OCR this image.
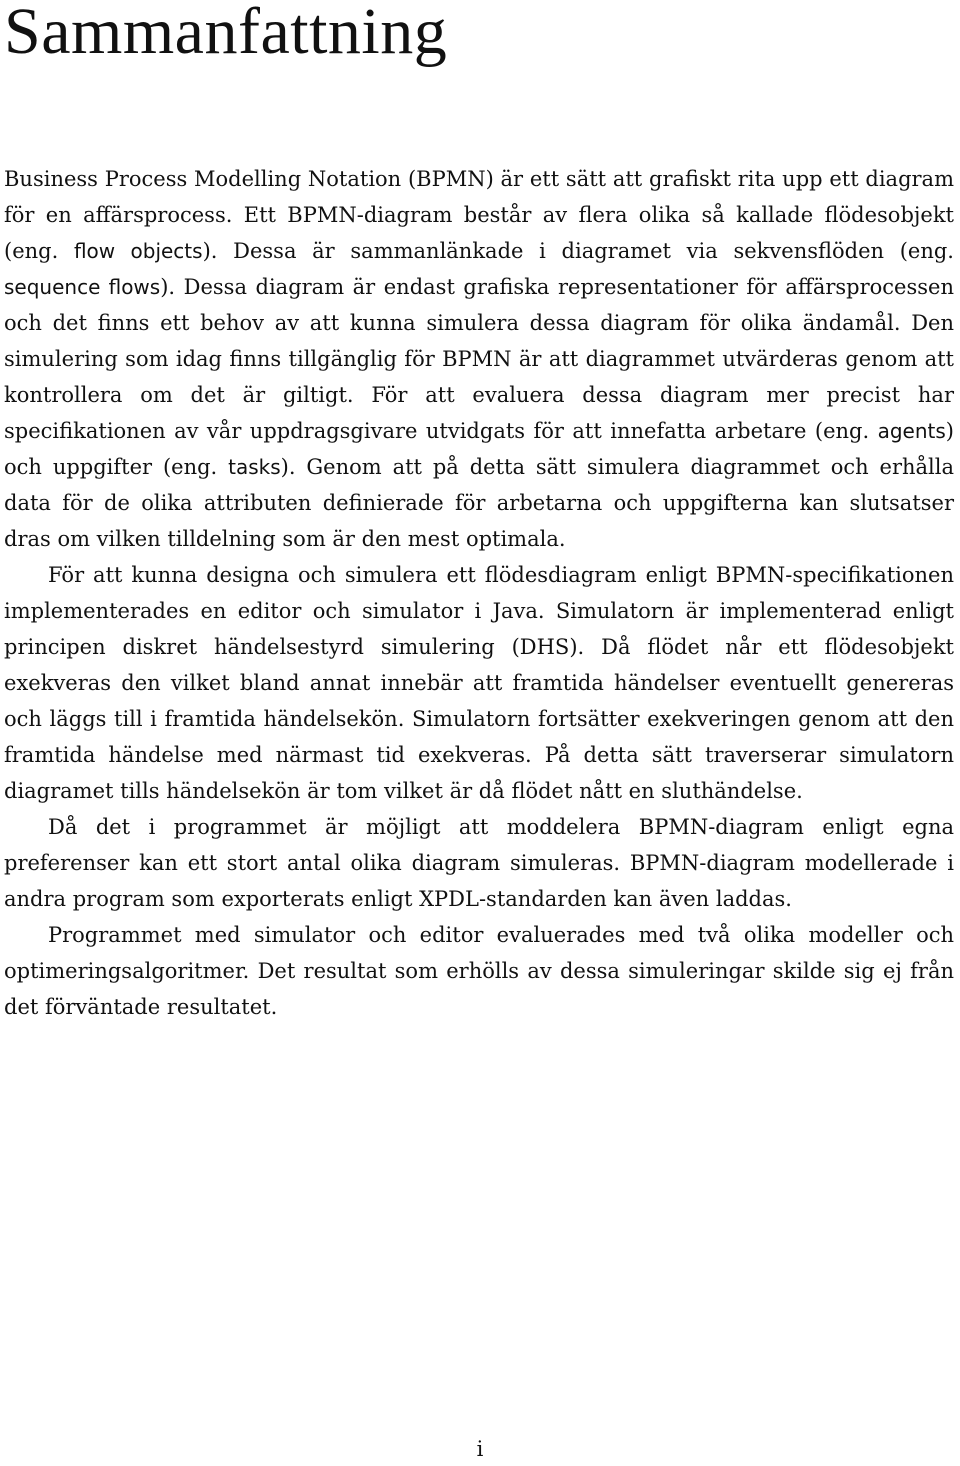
Sammanfattning

Business Process Modelling Notation (BPMN) är ett sätt att grafiskt rita upp ett diagram för en affärsprocess. Ett BPMN-diagram består av flera olika så kallade flödesobjekt (eng. flow objects). Dessa är sammanlänkade i diagramet via sekvensflöden (eng. sequence flows). Dessa diagram är endast grafiska representationer för affärsprocessen och det finns ett behov av att kunna simulera dessa diagram för olika ändamål. Den simulering som idag finns tillgänglig för BPMN är att diagrammet utvärderas genom att kontrollera om det är giltigt. För att evaluera dessa diagram mer precist har specifikationen av vår uppdragsgivare utvidgats för att innefatta arbetare (eng. agents) och uppgifter (eng. tasks). Genom att på detta sätt simulera diagrammet och erhålla data för de olika attributen definierade för arbetarna och uppgifterna kan slutsatser dras om vilken tilldelning som är den mest optimala.

För att kunna designa och simulera ett flödesdiagram enligt BPMN-specifikationen implementerades en editor och simulator i Java. Simulatorn är implementerad enligt principen diskret händelsestyrd simulering (DHS). Då flödet når ett flödesobjekt exekveras den vilket bland annat innebär att framtida händelser eventuellt genereras och läggs till i framtida händelsekön. Simulatorn fortsätter exekveringen genom att den framtida händelse med närmast tid exekveras. På detta sätt traverserar simulatorn diagramet tills händelsekön är tom vilket är då flödet nått en sluthändelse.

Då det i programmet är möjligt att moddelera BPMN-diagram enligt egna preferenser kan ett stort antal olika diagram simuleras. BPMN-diagram modellerade i andra program som exporterats enligt XPDL-standarden kan även laddas.

Programmet med simulator och editor evaluerades med två olika modeller och optimeringsalgoritmer. Det resultat som erhölls av dessa simuleringar skilde sig ej från det förväntade resultatet.

i
